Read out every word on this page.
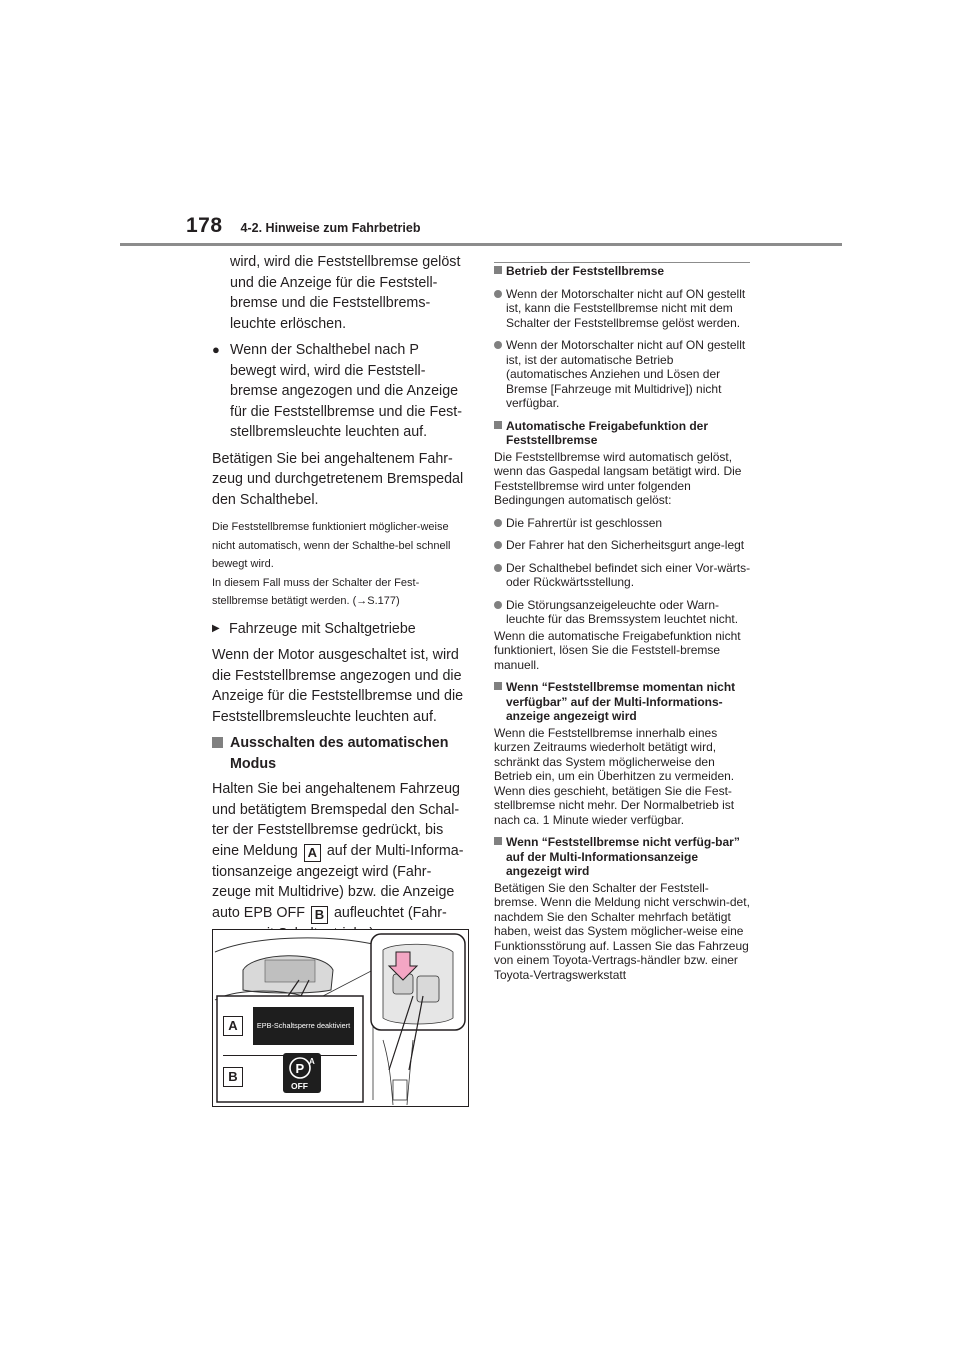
178 4-2. Hinweise zum Fahrbetrieb

wird, wird die Feststellbremse gelöst und die Anzeige für die Feststell-bremse und die Feststellbrems-leuchte erlöschen.

● Wenn der Schalthebel nach P bewegt wird, wird die Feststell-bremse angezogen und die Anzeige für die Feststellbremse und die Fest-stellbremsleuchte leuchten auf.

Betätigen Sie bei angehaltenem Fahr-zeug und durchgetretenem Bremspedal den Schalthebel.

Die Feststellbremse funktioniert möglicher-weise nicht automatisch, wenn der Schalthe-bel schnell bewegt wird.

In diesem Fall muss der Schalter der Fest-stellbremse betätigt werden. (→S.177)

▶ Fahrzeuge mit Schaltgetriebe

Wenn der Motor ausgeschaltet ist, wird die Feststellbremse angezogen und die Anzeige für die Feststellbremse und die Feststellbremsleuchte leuchten auf.

Ausschalten des automatischen Modus

Halten Sie bei angehaltenem Fahrzeug und betätigtem Bremspedal den Schal-ter der Feststellbremse gedrückt, bis eine Meldung A auf der Multi-Informa-tionsanzeige angezeigt wird (Fahr-zeuge mit Multidrive) bzw. die Anzeige auto EPB OFF B aufleuchtet (Fahr-

A	EPB-Schaltsperre deaktiviert
B
P A
OFF
Betrieb der Feststellbremse
Wenn der Motorschalter nicht auf ON gestellt ist, kann die Feststellbremse nicht mit dem Schalter der Feststellbremse gelöst werden.
Wenn der Motorschalter nicht auf ON gestellt ist, ist der automatische Betrieb (automatisches Anziehen und Lösen der Bremse [Fahrzeuge mit Multidrive]) nicht verfügbar.
Automatische Freigabefunktion der Feststellbremse

Die Feststellbremse wird automatisch gelöst, wenn das Gaspedal langsam betätigt wird. Die Feststellbremse wird unter folgenden Bedingungen automatisch gelöst:

Die Fahrertür ist geschlossen
Der Fahrer hat den Sicherheitsgurt ange-legt
Der Schalthebel befindet sich einer Vor-wärts- oder Rückwärtsstellung.
Die Störungsanzeigeleuchte oder Warn-leuchte für das Bremssystem leuchtet nicht.

Wenn die automatische Freigabefunktion nicht funktioniert, lösen Sie die Feststell-bremse manuell.

Wenn “Feststellbremse momentan nicht verfügbar” auf der Multi-Informations-anzeige angezeigt wird

Wenn die Feststellbremse innerhalb eines kurzen Zeitraums wiederholt betätigt wird, schränkt das System möglicherweise den Betrieb ein, um ein Überhitzen zu vermeiden. Wenn dies geschieht, betätigen Sie die Fest-stellbremse nicht mehr. Der Normalbetrieb ist nach ca. 1 Minute wieder verfügbar.

Wenn “Feststellbremse nicht verfüg-bar” auf der Multi-Informationsanzeige angezeigt wird

Betätigen Sie den Schalter der Feststell-bremse. Wenn die Meldung nicht verschwin-det, nachdem Sie den Schalter mehrfach betätigt haben, weist das System möglicher-weise eine Funktionsstörung auf. Lassen Sie das Fahrzeug von einem Toyota-Vertrags-händler bzw. einer Toyota-Vertragswerkstatt
